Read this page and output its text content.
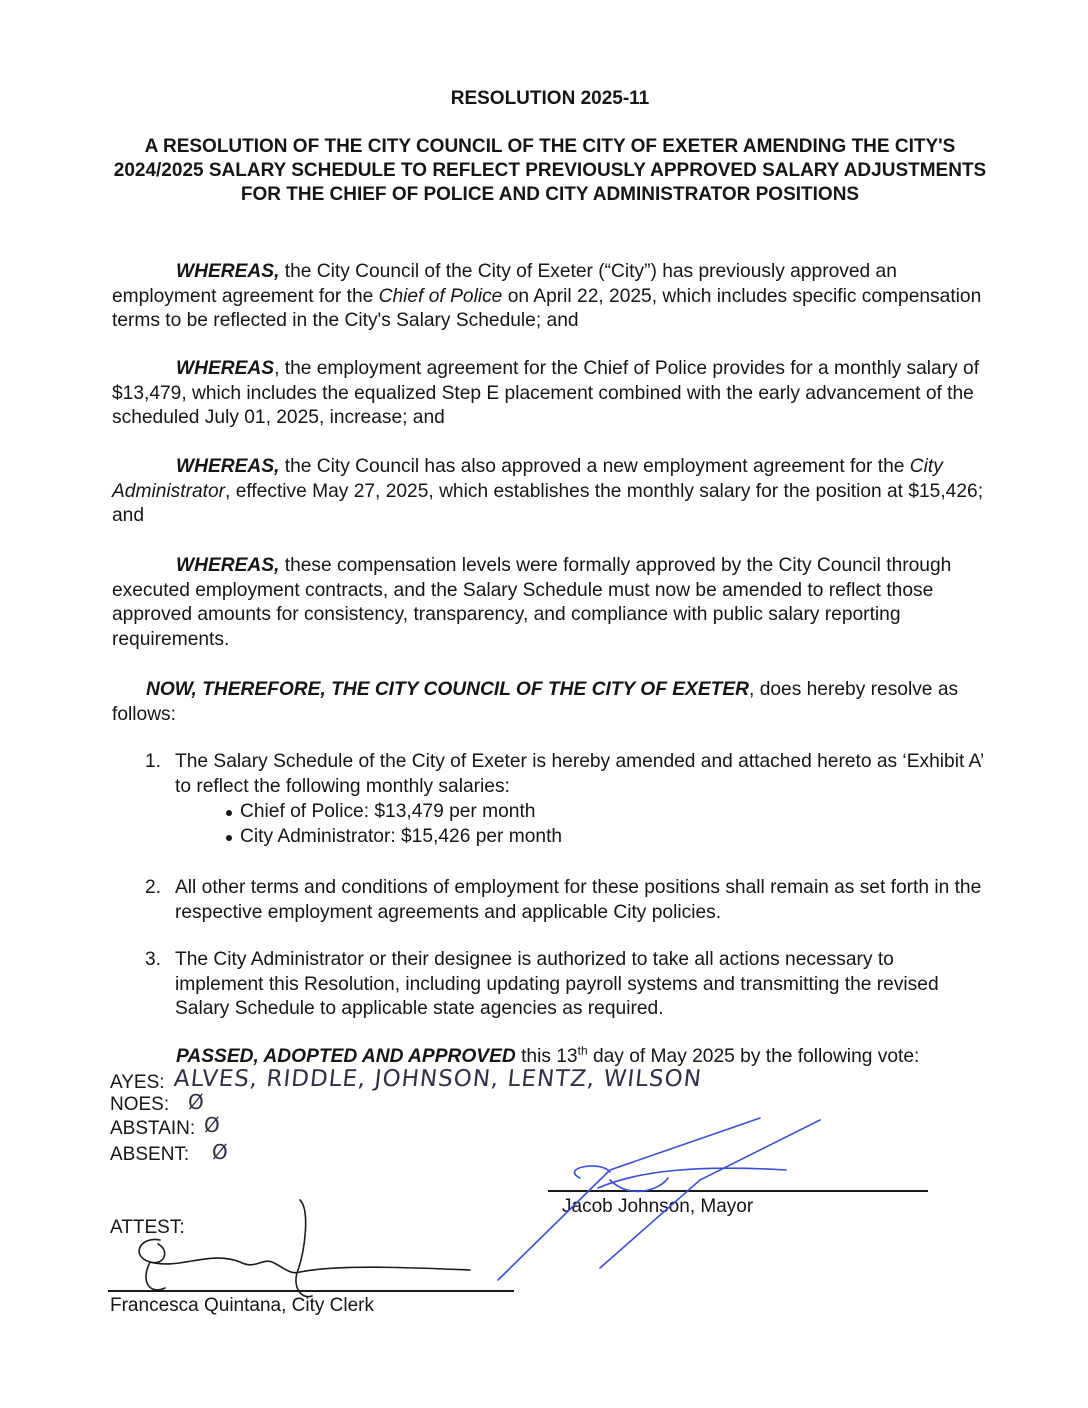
RESOLUTION 2025-11
A RESOLUTION OF THE CITY COUNCIL OF THE CITY OF EXETER AMENDING THE CITY'S 2024/2025 SALARY SCHEDULE TO REFLECT PREVIOUSLY APPROVED SALARY ADJUSTMENTS FOR THE CHIEF OF POLICE AND CITY ADMINISTRATOR POSITIONS
WHEREAS, the City Council of the City of Exeter (“City”) has previously approved an employment agreement for the Chief of Police on April 22, 2025, which includes specific compensation terms to be reflected in the City's Salary Schedule; and
WHEREAS, the employment agreement for the Chief of Police provides for a monthly salary of $13,479, which includes the equalized Step E placement combined with the early advancement of the scheduled July 01, 2025, increase; and
WHEREAS, the City Council has also approved a new employment agreement for the City Administrator, effective May 27, 2025, which establishes the monthly salary for the position at $15,426; and
WHEREAS, these compensation levels were formally approved by the City Council through executed employment contracts, and the Salary Schedule must now be amended to reflect those approved amounts for consistency, transparency, and compliance with public salary reporting requirements.
NOW, THEREFORE, THE CITY COUNCIL OF THE CITY OF EXETER, does hereby resolve as follows:
1. The Salary Schedule of the City of Exeter is hereby amended and attached hereto as ‘Exhibit A’ to reflect the following monthly salaries:
Chief of Police: $13,479 per month
City Administrator: $15,426 per month
2. All other terms and conditions of employment for these positions shall remain as set forth in the respective employment agreements and applicable City policies.
3. The City Administrator or their designee is authorized to take all actions necessary to implement this Resolution, including updating payroll systems and transmitting the revised Salary Schedule to applicable state agencies as required.
PASSED, ADOPTED AND APPROVED this 13th day of May 2025 by the following vote:
AYES: ALVES, RIDDLE, JOHNSON, LENTZ, WILSON
NOES: Ø
ABSTAIN: Ø
ABSENT: Ø
Jacob Johnson, Mayor
ATTEST:
Francesca Quintana, City Clerk
